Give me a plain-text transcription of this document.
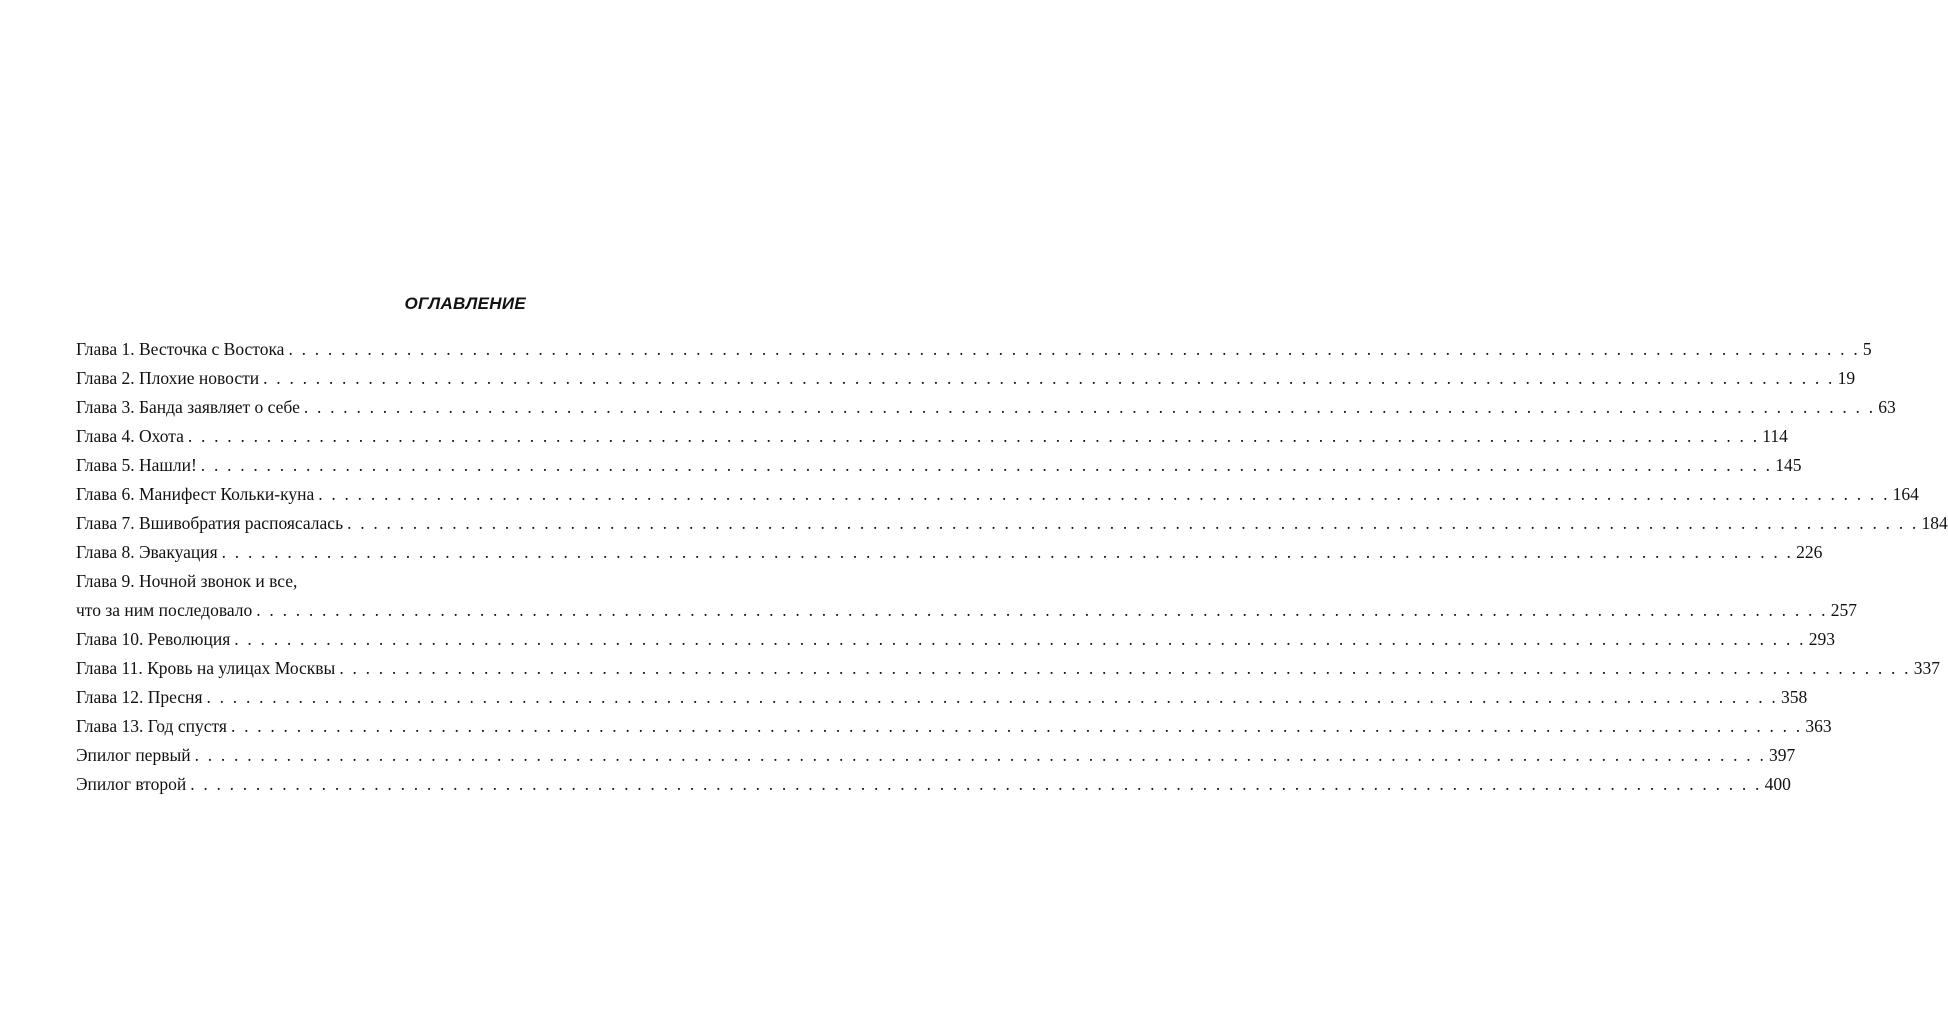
ОГЛАВЛЕНИЕ
Глава 1. Весточка с Востока . . . . . . . . . . . . . . . . . . . . . . . . . . . . . . . . . . . . . . . . . . . . . . . . . . . . . . . . . . . . . . . . . . . . . . . . . . . . . . . . . . . . . . . . . . . . . . . . . . . . . . . . . . . . . . . . . . . . . . . . 5
Глава 2. Плохие новости . . . . . . . . . . . . . . . . . . . . . . . . . . . . . . . . . . . . . . . . . . . . . . . . . . . . . . . . . . . . . . . . . . . . . . . . . . . . . . . . . . . . . . . . . . . . . . . . . . . . . . . . . . . . . . . . . . . . . . . . 19
Глава 3. Банда заявляет о себе . . . . . . . . . . . . . . . . . . . . . . . . . . . . . . . . . . . . . . . . . . . . . . . . . . . . . . . . . . . . . . . . . . . . . . . . . . . . . . . . . . . . . . . . . . . . . . . . . . . . . . . . . . . . . . . . . . . . . . . . 63
Глава 4. Охота . . . . . . . . . . . . . . . . . . . . . . . . . . . . . . . . . . . . . . . . . . . . . . . . . . . . . . . . . . . . . . . . . . . . . . . . . . . . . . . . . . . . . . . . . . . . . . . . . . . . . . . . . . . . . . . . . . . . . . . . 114
Глава 5. Нашли! . . . . . . . . . . . . . . . . . . . . . . . . . . . . . . . . . . . . . . . . . . . . . . . . . . . . . . . . . . . . . . . . . . . . . . . . . . . . . . . . . . . . . . . . . . . . . . . . . . . . . . . . . . . . . . . . . . . . . . . . 145
Глава 6. Манифест Кольки-куна . . . . . . . . . . . . . . . . . . . . . . . . . . . . . . . . . . . . . . . . . . . . . . . . . . . . . . . . . . . . . . . . . . . . . . . . . . . . . . . . . . . . . . . . . . . . . . . . . . . . . . . . . . . . . . . . . . . . . . . . 164
Глава 7. Вшивобратия распоясалась . . . . . . . . . . . . . . . . . . . . . . . . . . . . . . . . . . . . . . . . . . . . . . . . . . . . . . . . . . . . . . . . . . . . . . . . . . . . . . . . . . . . . . . . . . . . . . . . . . . . . . . . . . . . . . . . . . . . . . . . 184
Глава 8. Эвакуация . . . . . . . . . . . . . . . . . . . . . . . . . . . . . . . . . . . . . . . . . . . . . . . . . . . . . . . . . . . . . . . . . . . . . . . . . . . . . . . . . . . . . . . . . . . . . . . . . . . . . . . . . . . . . . . . . . . . . . . . 226
Глава 9. Ночной звонок и все,
что за ним последовало . . . . . . . . . . . . . . . . . . . . . . . . . . . . . . . . . . . . . . . . . . . . . . . . . . . . . . . . . . . . . . . . . . . . . . . . . . . . . . . . . . . . . . . . . . . . . . . . . . . . . . . . . . . . . . . . . . . . . . . . 257
Глава 10. Революция . . . . . . . . . . . . . . . . . . . . . . . . . . . . . . . . . . . . . . . . . . . . . . . . . . . . . . . . . . . . . . . . . . . . . . . . . . . . . . . . . . . . . . . . . . . . . . . . . . . . . . . . . . . . . . . . . . . . . . . . 293
Глава 11. Кровь на улицах Москвы . . . . . . . . . . . . . . . . . . . . . . . . . . . . . . . . . . . . . . . . . . . . . . . . . . . . . . . . . . . . . . . . . . . . . . . . . . . . . . . . . . . . . . . . . . . . . . . . . . . . . . . . . . . . . . . . . . . . . . . . 337
Глава 12. Пресня . . . . . . . . . . . . . . . . . . . . . . . . . . . . . . . . . . . . . . . . . . . . . . . . . . . . . . . . . . . . . . . . . . . . . . . . . . . . . . . . . . . . . . . . . . . . . . . . . . . . . . . . . . . . . . . . . . . . . . . . 358
Глава 13. Год спустя . . . . . . . . . . . . . . . . . . . . . . . . . . . . . . . . . . . . . . . . . . . . . . . . . . . . . . . . . . . . . . . . . . . . . . . . . . . . . . . . . . . . . . . . . . . . . . . . . . . . . . . . . . . . . . . . . . . . . . . . 363
Эпилог первый . . . . . . . . . . . . . . . . . . . . . . . . . . . . . . . . . . . . . . . . . . . . . . . . . . . . . . . . . . . . . . . . . . . . . . . . . . . . . . . . . . . . . . . . . . . . . . . . . . . . . . . . . . . . . . . . . . . . . . . . 397
Эпилог второй . . . . . . . . . . . . . . . . . . . . . . . . . . . . . . . . . . . . . . . . . . . . . . . . . . . . . . . . . . . . . . . . . . . . . . . . . . . . . . . . . . . . . . . . . . . . . . . . . . . . . . . . . . . . . . . . . . . . . . . . 400
